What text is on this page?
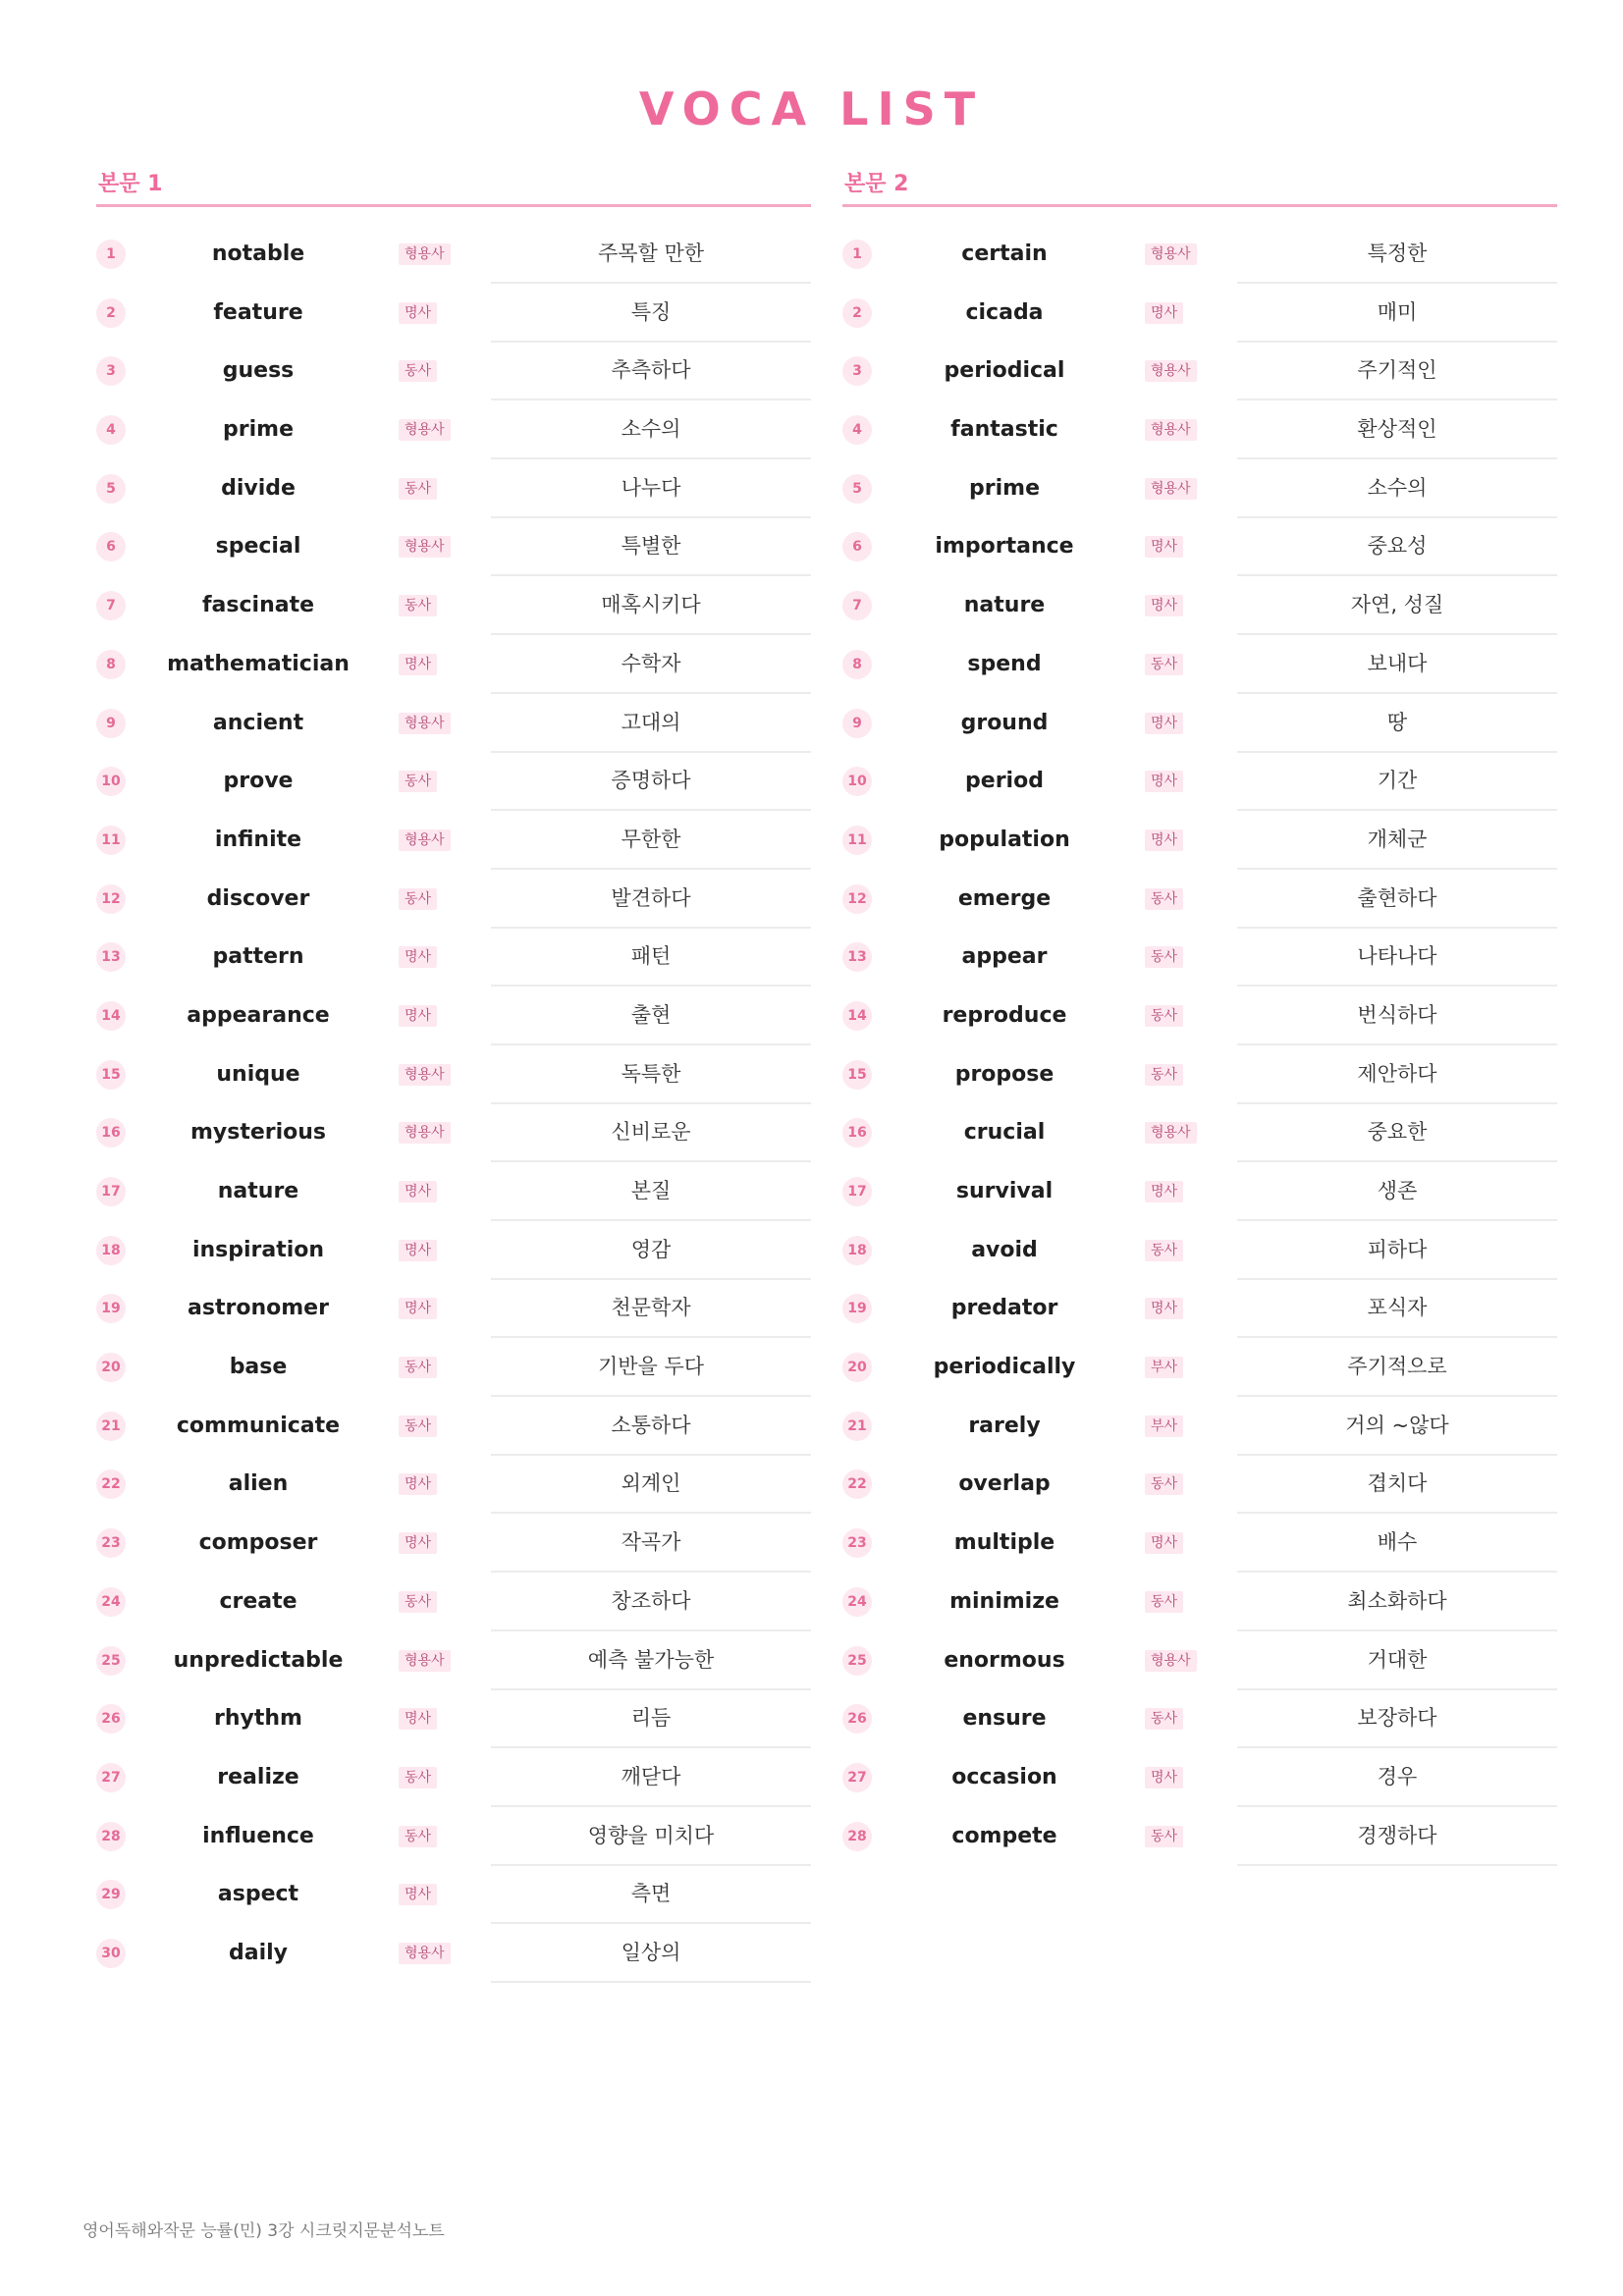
VOCA LIST
본문 1
1	notable	형용사	주목할 만한
2	feature	명사	특징
3	guess	동사	추측하다
4	prime	형용사	소수의
5	divide	동사	나누다
6	special	형용사	특별한
7	fascinate	동사	매혹시키다
8	mathematician	명사	수학자
9	ancient	형용사	고대의
10	prove	동사	증명하다
11	infinite	형용사	무한한
12	discover	동사	발견하다
13	pattern	명사	패턴
14	appearance	명사	출현
15	unique	형용사	독특한
16	mysterious	형용사	신비로운
17	nature	명사	본질
18	inspiration	명사	영감
19	astronomer	명사	천문학자
20	base	동사	기반을 두다
21	communicate	동사	소통하다
22	alien	명사	외계인
23	composer	명사	작곡가
24	create	동사	창조하다
25	unpredictable	형용사	예측 불가능한
26	rhythm	명사	리듬
27	realize	동사	깨닫다
28	influence	동사	영향을 미치다
29	aspect	명사	측면
30	daily	형용사	일상의
본문 2
1	certain	형용사	특정한
2	cicada	명사	매미
3	periodical	형용사	주기적인
4	fantastic	형용사	환상적인
5	prime	형용사	소수의
6	importance	명사	중요성
7	nature	명사	자연, 성질
8	spend	동사	보내다
9	ground	명사	땅
10	period	명사	기간
11	population	명사	개체군
12	emerge	동사	출현하다
13	appear	동사	나타나다
14	reproduce	동사	번식하다
15	propose	동사	제안하다
16	crucial	형용사	중요한
17	survival	명사	생존
18	avoid	동사	피하다
19	predator	명사	포식자
20	periodically	부사	주기적으로
21	rarely	부사	거의 ~않다
22	overlap	동사	겹치다
23	multiple	명사	배수
24	minimize	동사	최소화하다
25	enormous	형용사	거대한
26	ensure	동사	보장하다
27	occasion	명사	경우
28	compete	동사	경쟁하다
영어독해와작문 능률(민) 3강 시크릿지문분석노트
